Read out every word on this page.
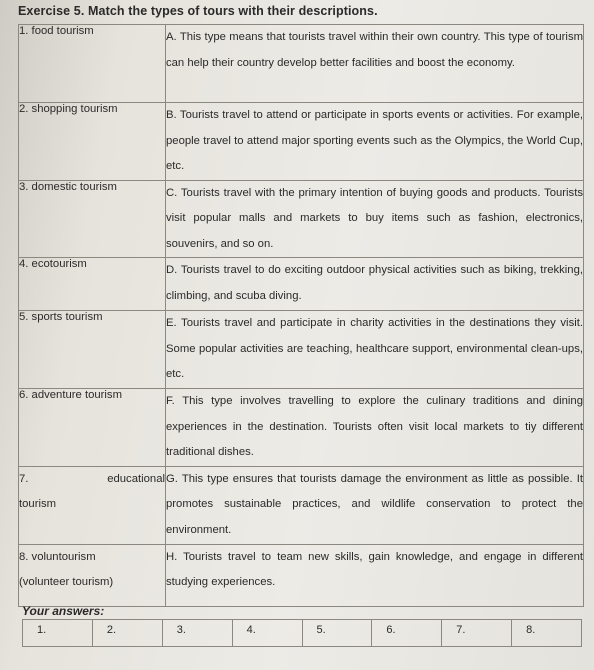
Exercise 5. Match the types of tours with their descriptions.
1. food tourism	A. This type means that tourists travel within their own country. This type of tourism can help their country develop better facilities and boost the economy.
2. shopping tourism	B. Tourists travel to attend or participate in sports events or activities. For example, people travel to attend major sporting events such as the Olympics, the World Cup, etc.
3. domestic tourism	C. Tourists travel with the primary intention of buying goods and products. Tourists visit popular malls and markets to buy items such as fashion, electronics, souvenirs, and so on.
4. ecotourism	D. Tourists travel to do exciting outdoor physical activities such as biking, trekking, climbing, and scuba diving.
5. sports tourism	E. Tourists travel and participate in charity activities in the destinations they visit. Some popular activities are teaching, healthcare support, environmental clean-ups, etc.
6. adventure tourism	F. This type involves travelling to explore the culinary traditions and dining experiences in the destination. Tourists often visit local markets to tiy different traditional dishes.

7. educational
tourism	G. This type ensures that tourists damage the environment as little as possible. It promotes sustainable practices, and wildlife conservation to protect the environment.

8. voluntourism
(volunteer tourism)	H. Tourists travel to team new skills, gain knowledge, and engage in different studying experiences.
Your answers:
1.	2.	3.	4.	5.	6.	7.	8.
